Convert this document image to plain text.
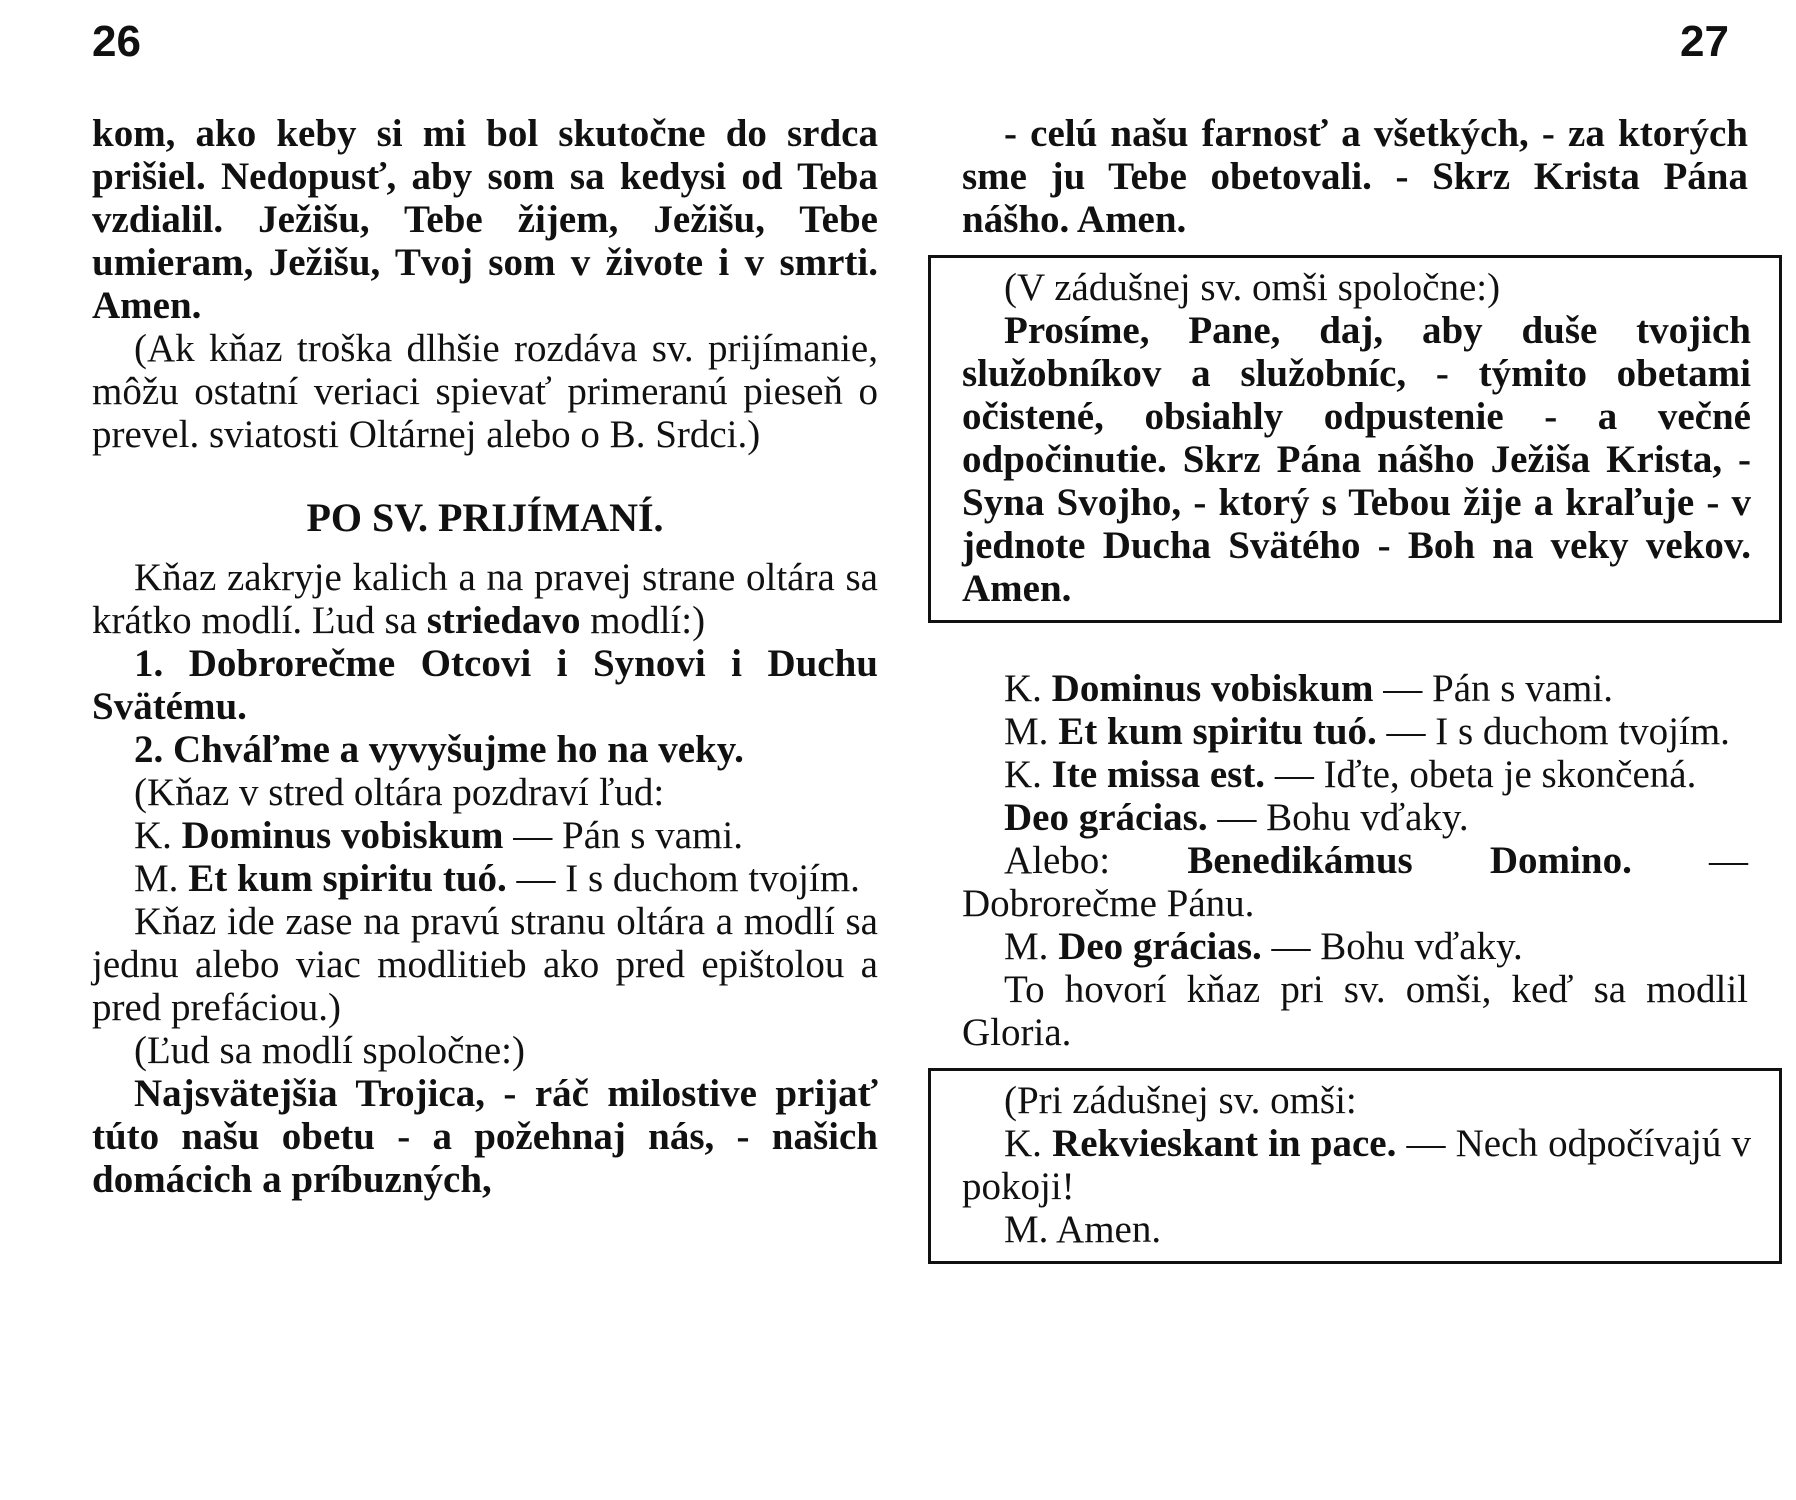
26	27

kom, ako keby si mi bol skutočne do srdca prišiel. Nedopusť, aby som sa kedysi od Teba vzdialil. Ježišu, Tebe žijem, Ježišu, Tebe umieram, Ježišu, Tvoj som v živote i v smrti. Amen.

(Ak kňaz troška dlhšie rozdáva sv. prijímanie, môžu ostatní veriaci spievať primeranú pieseň o prevel. sviatosti Oltárnej alebo o B. Srdci.)

PO SV. PRIJÍMANÍ.

Kňaz zakryje kalich a na pravej strane oltára sa krátko modlí. Ľud sa striedavo modlí:)

1. Dobrorečme Otcovi i Synovi i Duchu Svätému.

2. Chváľme a vyvyšujme ho na veky.

(Kňaz v stred oltára pozdraví ľud:

K. Dominus vobiskum — Pán s vami.

M. Et kum spiritu tuó. — I s duchom tvojím.

Kňaz ide zase na pravú stranu oltára a modlí sa jednu alebo viac modlitieb ako pred epištolou a pred prefáciou.)

(Ľud sa modlí spoločne:)

Najsvätejšia Trojica, - ráč milostive prijať túto našu obetu - a požehnaj nás, - našich domácich a príbuzných,

- celú našu farnosť a všetkých, - za ktorých sme ju Tebe obetovali. - Skrz Krista Pána nášho. Amen.

(V zádušnej sv. omši spoločne:)

Prosíme, Pane, daj, aby duše tvojich služobníkov a služobníc, - týmito obetami očistené, obsiahly odpustenie - a večné odpočinutie. Skrz Pána nášho Ježiša Krista, - Syna Svojho, - ktorý s Tebou žije a kraľuje - v jednote Ducha Svätého - Boh na veky vekov. Amen.

K. Dominus vobiskum — Pán s vami.

M. Et kum spiritu tuó. — I s duchom tvojím.

K. Ite missa est. — Iďte, obeta je skončená.

Deo grácias. — Bohu vďaky.

Alebo: Benedikámus Domino. — Dobrorečme Pánu.

M. Deo grácias. — Bohu vďaky.

To hovorí kňaz pri sv. omši, keď sa modlil Gloria.

(Pri zádušnej sv. omši:

K. Rekvieskant in pace. — Nech odpočívajú v pokoji!

M. Amen.
